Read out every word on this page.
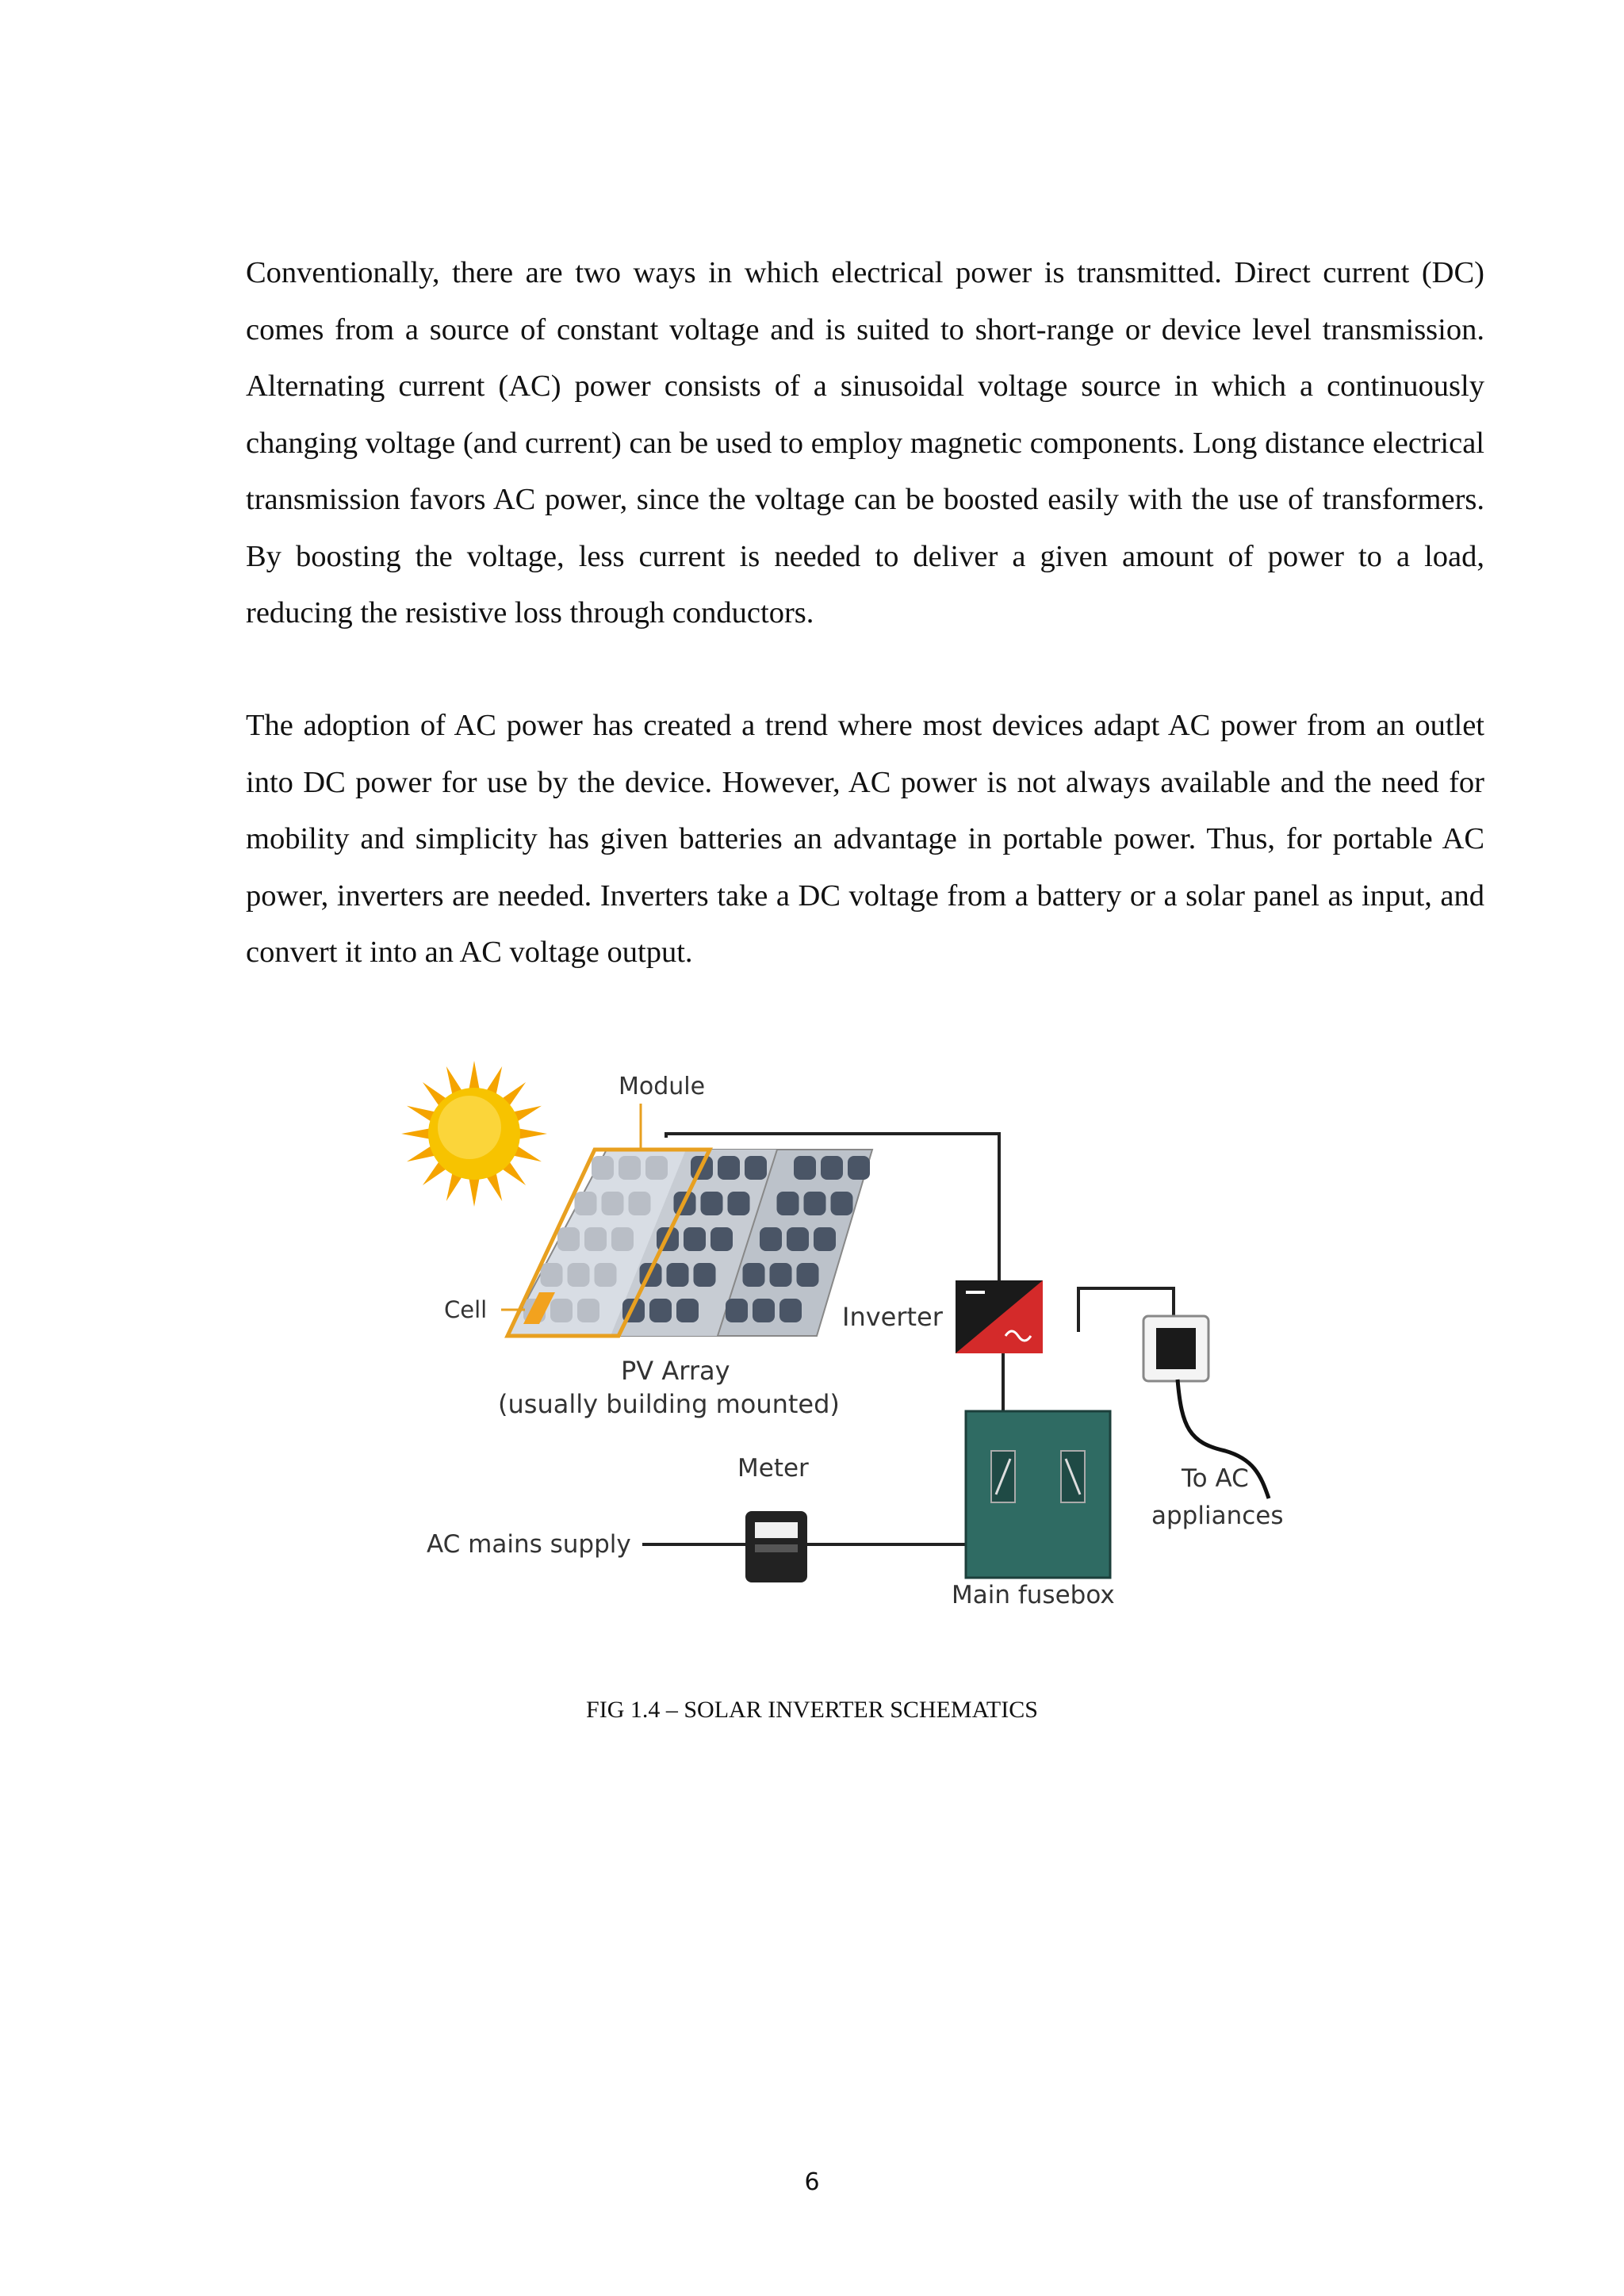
Conventionally, there are two ways in which electrical power is transmitted. Direct current (DC) comes from a source of constant voltage and is suited to short-range or device level transmission. Alternating current (AC) power consists of a sinusoidal voltage source in which a continuously changing voltage (and current) can be used to employ magnetic components. Long distance electrical transmission favors AC power, since the voltage can be boosted easily with the use of transformers. By boosting the voltage, less current is needed to deliver a given amount of power to a load, reducing the resistive loss through conductors.

The adoption of AC power has created a trend where most devices adapt AC power from an outlet into DC power for use by the device. However, AC power is not always available and the need for mobility and simplicity has given batteries an advantage in portable power. Thus, for portable AC power, inverters are needed. Inverters take a DC voltage from a battery or a solar panel as input, and convert it into an AC voltage output.

Module
Cell	Inverter
PV Array
(usually building mounted)
Meter
AC mains supply
Main fusebox
To AC
appliances
FIG 1.4 – SOLAR INVERTER SCHEMATICS
6
